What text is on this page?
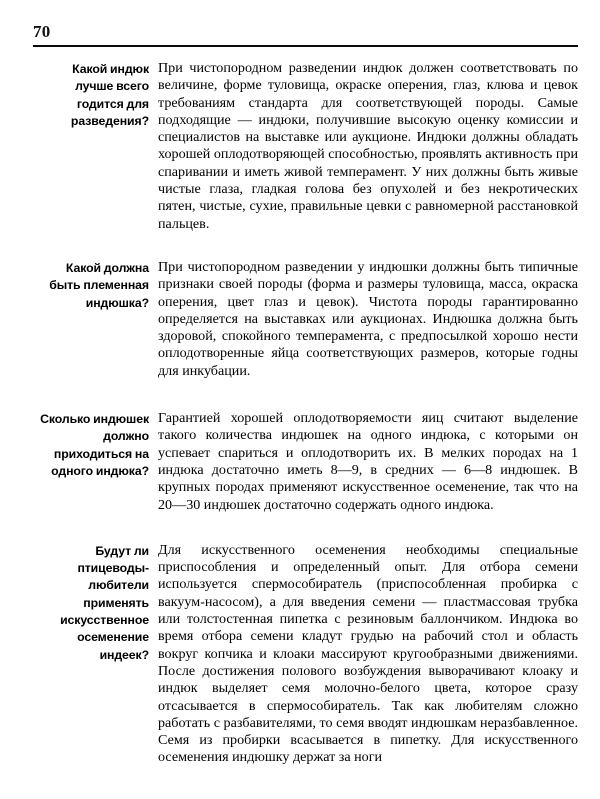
70
Какой индюк лучше всего годится для разведения?

При чистопородном разведении индюк должен соответствовать по величине, форме туловища, окраске оперения, глаз, клюва и цевок требованиям стандарта для соответствующей породы. Самые подходящие — индюки, получившие высокую оценку комиссии и специалистов на выставке или аукционе. Индюки должны обладать хорошей оплодотворяющей способностью, проявлять активность при спаривании и иметь живой темперамент. У них должны быть живые чистые глаза, гладкая голова без опухолей и без некротических пятен, чистые, сухие, правильные цевки с равномерной расстановкой пальцев.

Какой должна быть племенная индюшка?

При чистопородном разведении у индюшки должны быть типичные признаки своей породы (форма и размеры туловища, масса, окраска оперения, цвет глаз и цевок). Чистота породы гарантированно определяется на выставках или аукционах. Индюшка должна быть здоровой, спокойного темперамента, с предпосылкой хорошо нести оплодотворенные яйца соответствующих размеров, которые годны для инкубации.

Сколько индюшек должно приходиться на одного индюка?

Гарантией хорошей оплодотворяемости яиц считают выделение такого количества индюшек на одного индюка, с которыми он успевает спариться и оплодотворить их. В мелких породах на 1 индюка достаточно иметь 8—9, в средних — 6—8 индюшек. В крупных породах применяют искусственное осеменение, так что на 20—30 индюшек достаточно содержать одного индюка.

Будут ли птицеводы-любители применять искусственное осеменение индеек?

Для искусственного осеменения необходимы специальные приспособления и определенный опыт. Для отбора семени используется спермособиратель (приспособленная пробирка с вакуум-насосом), а для введения семени — пластмассовая трубка или толстостенная пипетка с резиновым баллончиком. Индюка во время отбора семени кладут грудью на рабочий стол и область вокруг копчика и клоаки массируют кругообразными движениями. После достижения полового возбуждения выворачивают клоаку и индюк выделяет семя молочно-белого цвета, которое сразу отсасывается в спермособиратель. Так как любителям сложно работать с разбавителями, то семя вводят индюшкам неразбавленное. Семя из пробирки всасывается в пипетку. Для искусственного осеменения индюшку держат за ноги
